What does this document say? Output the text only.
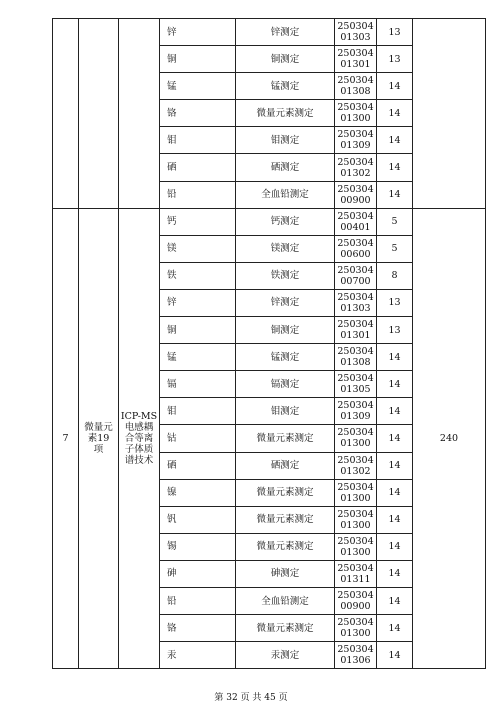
			锌	锌测定	250304
01303	13	
			铜	铜测定	250304
01301	13	
			锰	锰测定	250304
01308	14	
			铬	微量元素测定	250304
01300	14	
			钼	钼测定	250304
01309	14	
			硒	硒测定	250304
01302	14	
			铅	全血铅测定	250304
00900	14	
7	微量元
素19
项	ICP-MS
电感耦
合等离
子体质
谱技术	钙	钙测定	250304
00401	5	240
			镁	镁测定	250304
00600	5	
			铁	铁测定	250304
00700	8	
			锌	锌测定	250304
01303	13	
			铜	铜测定	250304
01301	13	
			锰	锰测定	250304
01308	14	
			镉	镉测定	250304
01305	14	
			钼	钼测定	250304
01309	14	
			钴	微量元素测定	250304
01300	14	
			硒	硒测定	250304
01302	14	
			镍	微量元素测定	250304
01300	14	
			钒	微量元素测定	250304
01300	14	
			锡	微量元素测定	250304
01300	14	
			砷	砷测定	250304
01311	14	
			铅	全血铅测定	250304
00900	14	
			铬	微量元素测定	250304
01300	14	
			汞	汞测定	250304
01306	14	
第 32 页 共 45 页
